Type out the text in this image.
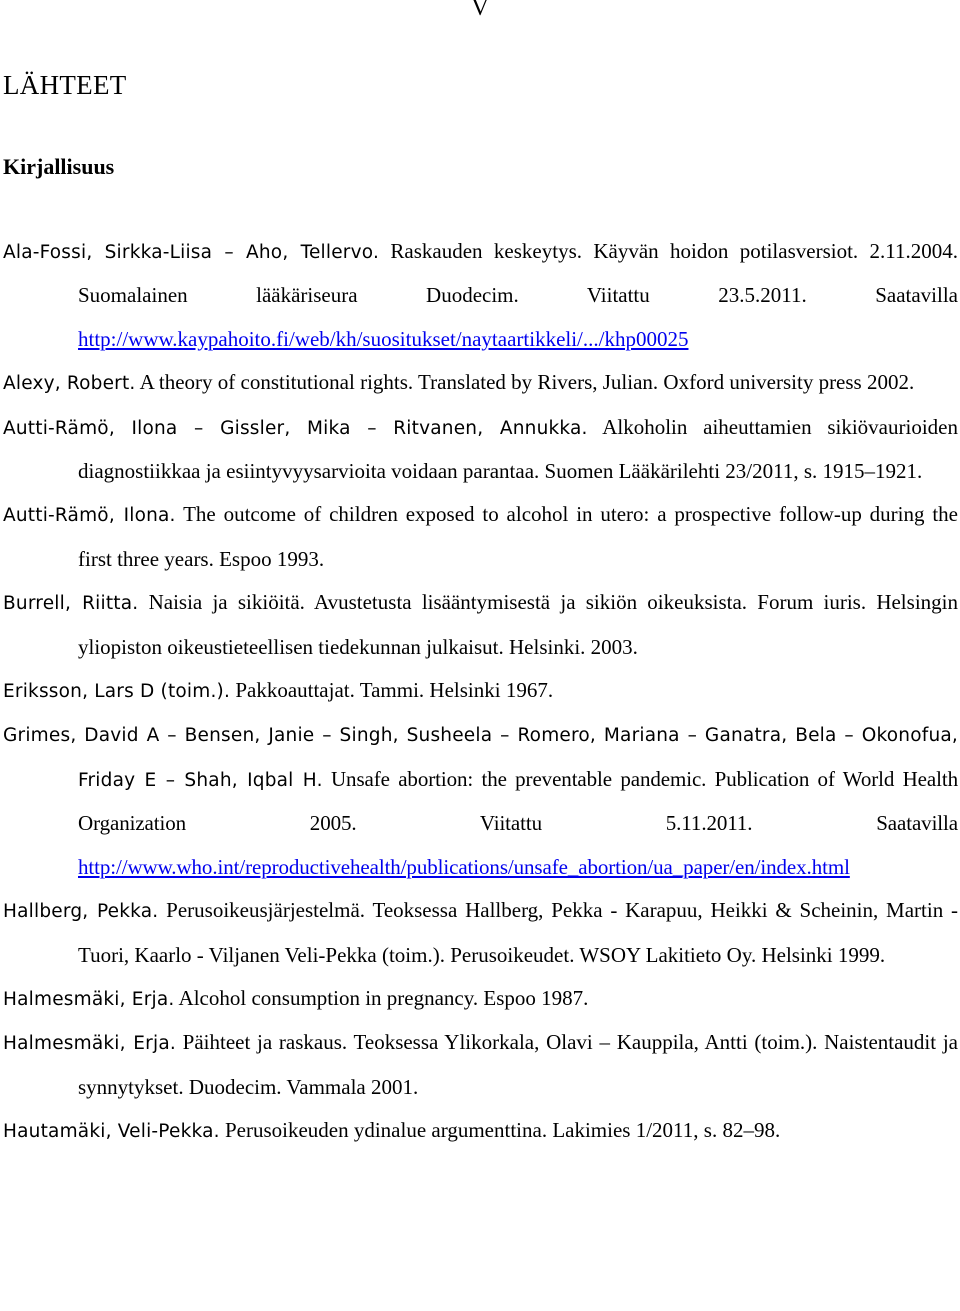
V
LÄHTEET
Kirjallisuus

Ala-Fossi, Sirkka-Liisa – Aho, Tellervo. Raskauden keskeytys. Käyvän hoidon potilasversiot. 2.11.2004. Suomalainen lääkäriseura Duodecim. Viitattu 23.5.2011. Saatavilla http://www.kaypahoito.fi/web/kh/suositukset/naytaartikkeli/.../khp00025

Alexy, Robert. A theory of constitutional rights. Translated by Rivers, Julian. Oxford university press 2002.

Autti-Rämö, Ilona – Gissler, Mika – Ritvanen, Annukka. Alkoholin aiheuttamien sikiövaurioiden diagnostiikkaa ja esiintyvyysarvioita voidaan parantaa. Suomen Lääkärilehti 23/2011, s. 1915–1921.

Autti-Rämö, Ilona. The outcome of children exposed to alcohol in utero: a prospective follow-up during the first three years. Espoo 1993.

Burrell, Riitta. Naisia ja sikiöitä. Avustetusta lisääntymisestä ja sikiön oikeuksista. Forum iuris. Helsingin yliopiston oikeustieteellisen tiedekunnan julkaisut. Helsinki. 2003.

Eriksson, Lars D (toim.). Pakkoauttajat. Tammi. Helsinki 1967.

Grimes, David A – Bensen, Janie – Singh, Susheela – Romero, Mariana – Ganatra, Bela – Okonofua, Friday E – Shah, Iqbal H. Unsafe abortion: the preventable pandemic. Publication of World Health Organization 2005. Viitattu 5.11.2011. Saatavilla http://www.who.int/reproductivehealth/publications/unsafe_abortion/ua_paper/en/index.html

Hallberg, Pekka. Perusoikeusjärjestelmä. Teoksessa Hallberg, Pekka - Karapuu, Heikki & Scheinin, Martin - Tuori, Kaarlo - Viljanen Veli-Pekka (toim.). Perusoikeudet. WSOY Lakitieto Oy. Helsinki 1999.

Halmesmäki, Erja. Alcohol consumption in pregnancy. Espoo 1987.

Halmesmäki, Erja. Päihteet ja raskaus. Teoksessa Ylikorkala, Olavi – Kauppila, Antti (toim.). Naistentaudit ja synnytykset. Duodecim. Vammala 2001.

Hautamäki, Veli-Pekka. Perusoikeuden ydinalue argumenttina. Lakimies 1/2011, s. 82–98.
